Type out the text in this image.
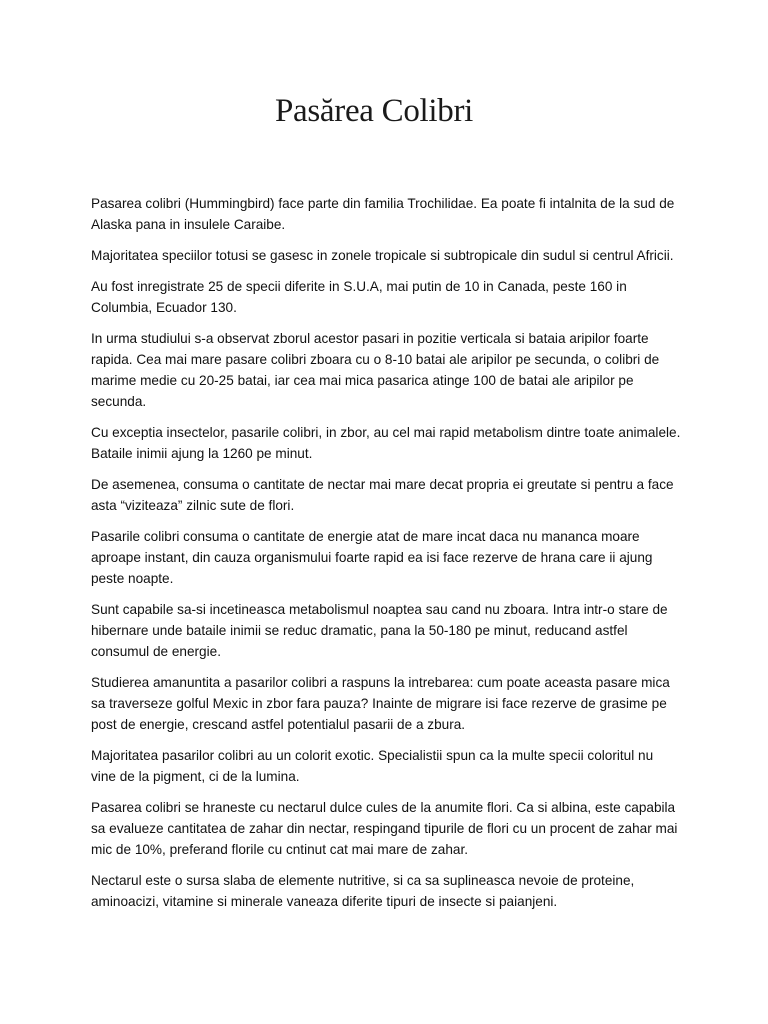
Pasărea Colibri

Pasarea colibri (Hummingbird) face parte din familia Trochilidae. Ea poate fi intalnita de la sud de Alaska pana in insulele Caraibe.

Majoritatea speciilor totusi se gasesc in zonele tropicale si subtropicale din sudul si centrul Africii.

Au fost inregistrate 25 de specii diferite in S.U.A, mai putin de 10 in Canada, peste 160 in Columbia, Ecuador 130.

In urma studiului s-a observat zborul acestor pasari in pozitie verticala si bataia aripilor foarte rapida. Cea mai mare pasare colibri zboara cu o 8-10 batai ale aripilor pe secunda, o colibri de marime medie cu 20-25 batai, iar cea mai mica pasarica atinge 100 de batai ale aripilor pe secunda.

Cu exceptia insectelor, pasarile colibri, in zbor, au cel mai rapid metabolism dintre toate animalele. Bataile inimii ajung la 1260 pe minut.

De asemenea, consuma o cantitate de nectar mai mare decat propria ei greutate si pentru a face asta “viziteaza” zilnic sute de flori.

Pasarile colibri consuma o cantitate de energie atat de mare incat daca nu mananca moare aproape instant, din cauza organismului foarte rapid ea isi face rezerve de hrana care ii ajung peste noapte.

Sunt capabile sa-si incetineasca metabolismul noaptea sau cand nu zboara. Intra intr-o stare de hibernare unde bataile inimii se reduc dramatic, pana la 50-180 pe minut, reducand astfel consumul de energie.

Studierea amanuntita a pasarilor colibri a raspuns la intrebarea: cum poate aceasta pasare mica sa traverseze golful Mexic in zbor fara pauza? Inainte de migrare isi face rezerve de grasime pe post de energie, crescand astfel potentialul pasarii de a zbura.

Majoritatea pasarilor colibri au un colorit exotic. Specialistii spun ca la multe specii coloritul nu vine de la pigment, ci de la lumina.

Pasarea colibri se hraneste cu nectarul dulce cules de la anumite flori. Ca si albina, este capabila sa evalueze cantitatea de zahar din nectar, respingand tipurile de flori cu un procent de zahar mai mic de 10%, preferand florile cu cntinut cat mai mare de zahar.

Nectarul este o sursa slaba de elemente nutritive, si ca sa suplineasca nevoie de proteine, aminoacizi, vitamine si minerale vaneaza diferite tipuri de insecte si paianjeni.
